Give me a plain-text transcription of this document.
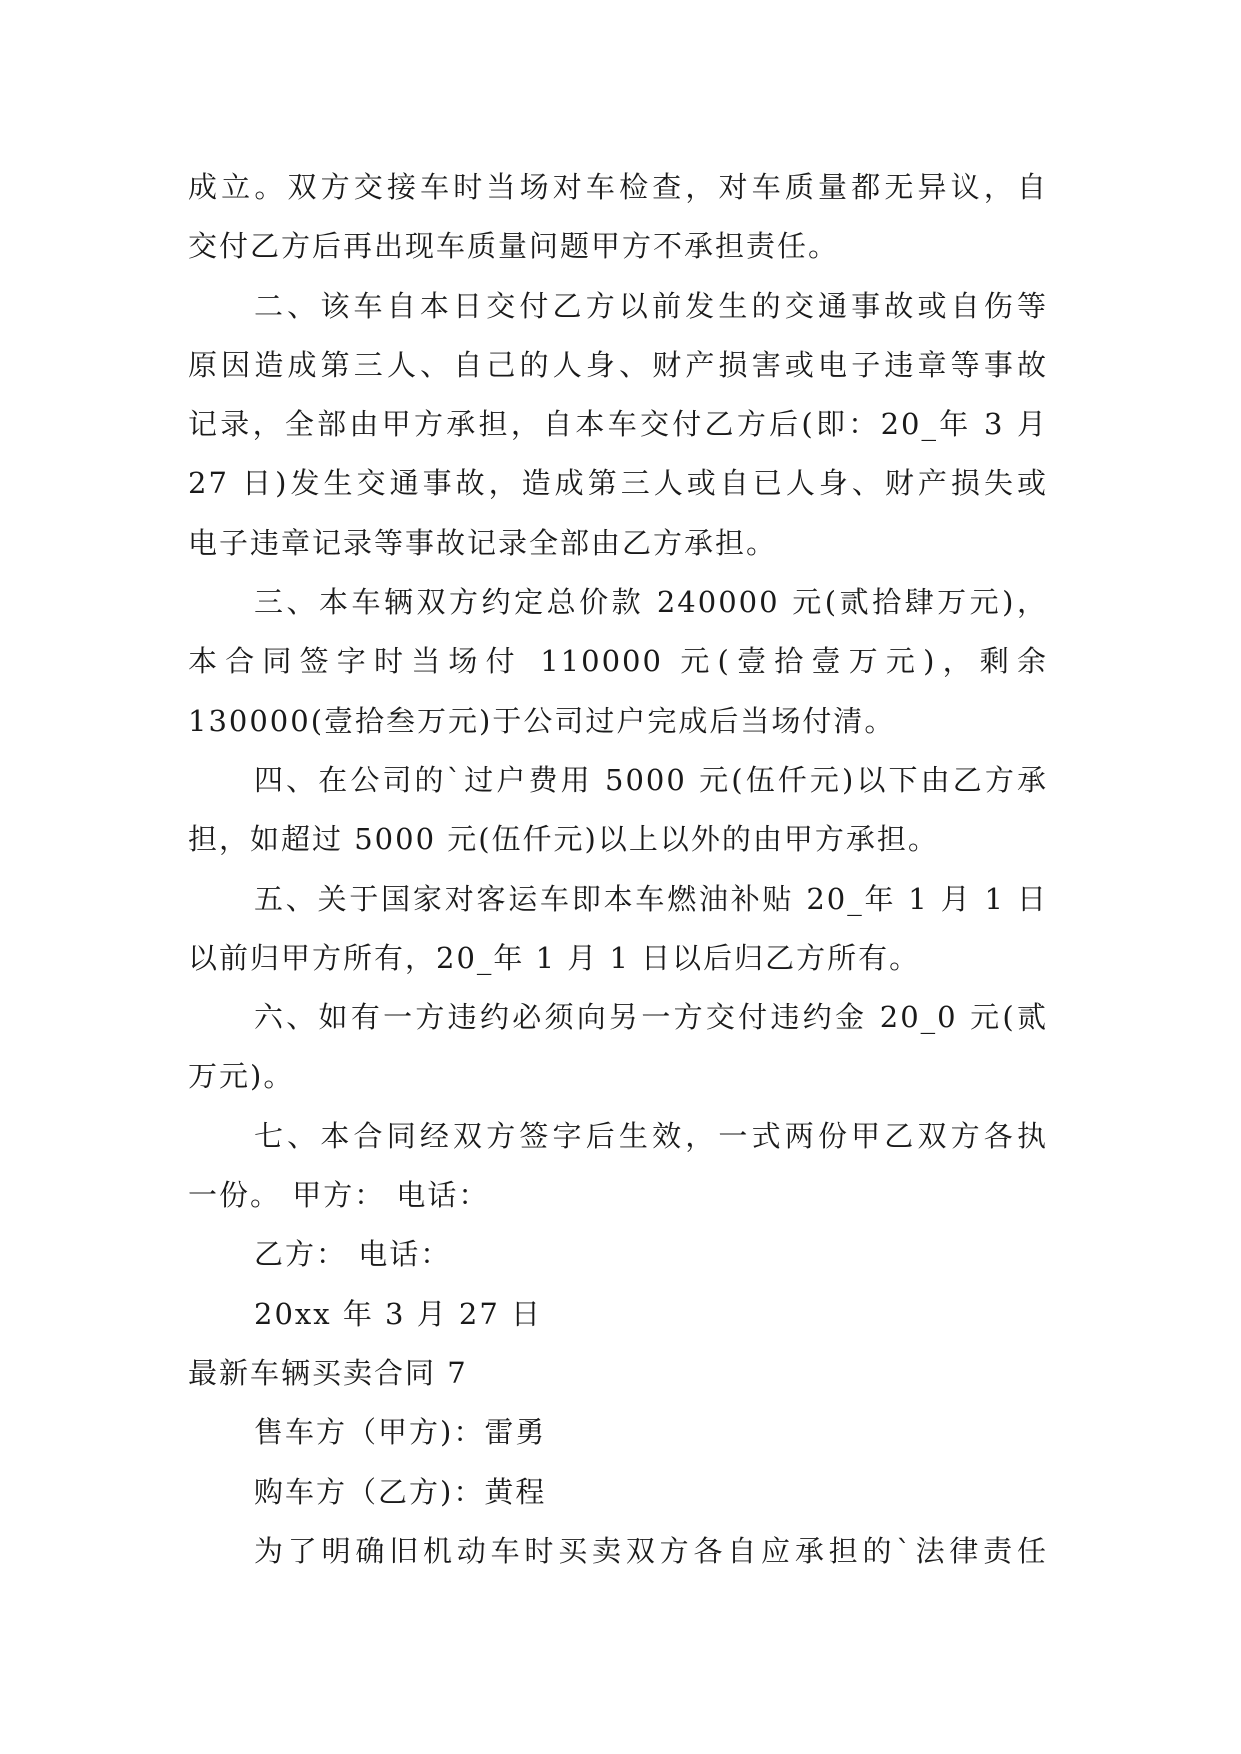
成立。双方交接车时当场对车检查，对车质量都无异议，自
交付乙方后再出现车质量问题甲方不承担责任。
二、该车自本日交付乙方以前发生的交通事故或自伤等
原因造成第三人、自己的人身、财产损害或电子违章等事故
记录，全部由甲方承担，自本车交付乙方后(即：20_年 3 月
27 日)发生交通事故，造成第三人或自已人身、财产损失或
电子违章记录等事故记录全部由乙方承担。
三、本车辆双方约定总价款 240000 元(贰拾肆万元)，
本合同签字时当场付 110000 元(壹拾壹万元)，剩余
130000(壹拾叁万元)于公司过户完成后当场付清。
四、在公司的`过户费用 5000 元(伍仟元)以下由乙方承
担，如超过 5000 元(伍仟元)以上以外的由甲方承担。
五、关于国家对客运车即本车燃油补贴 20_年 1 月 1 日
以前归甲方所有，20_年 1 月 1 日以后归乙方所有。
六、如有一方违约必须向另一方交付违约金 20_0 元(贰
万元)。
七、本合同经双方签字后生效，一式两份甲乙双方各执
一份。 甲方： 电话：
乙方： 电话：
20xx 年 3 月 27 日
最新车辆买卖合同 7
售车方（甲方)：雷勇
购车方（乙方)：黄程
为了明确旧机动车时买卖双方各自应承担的`法律责任
